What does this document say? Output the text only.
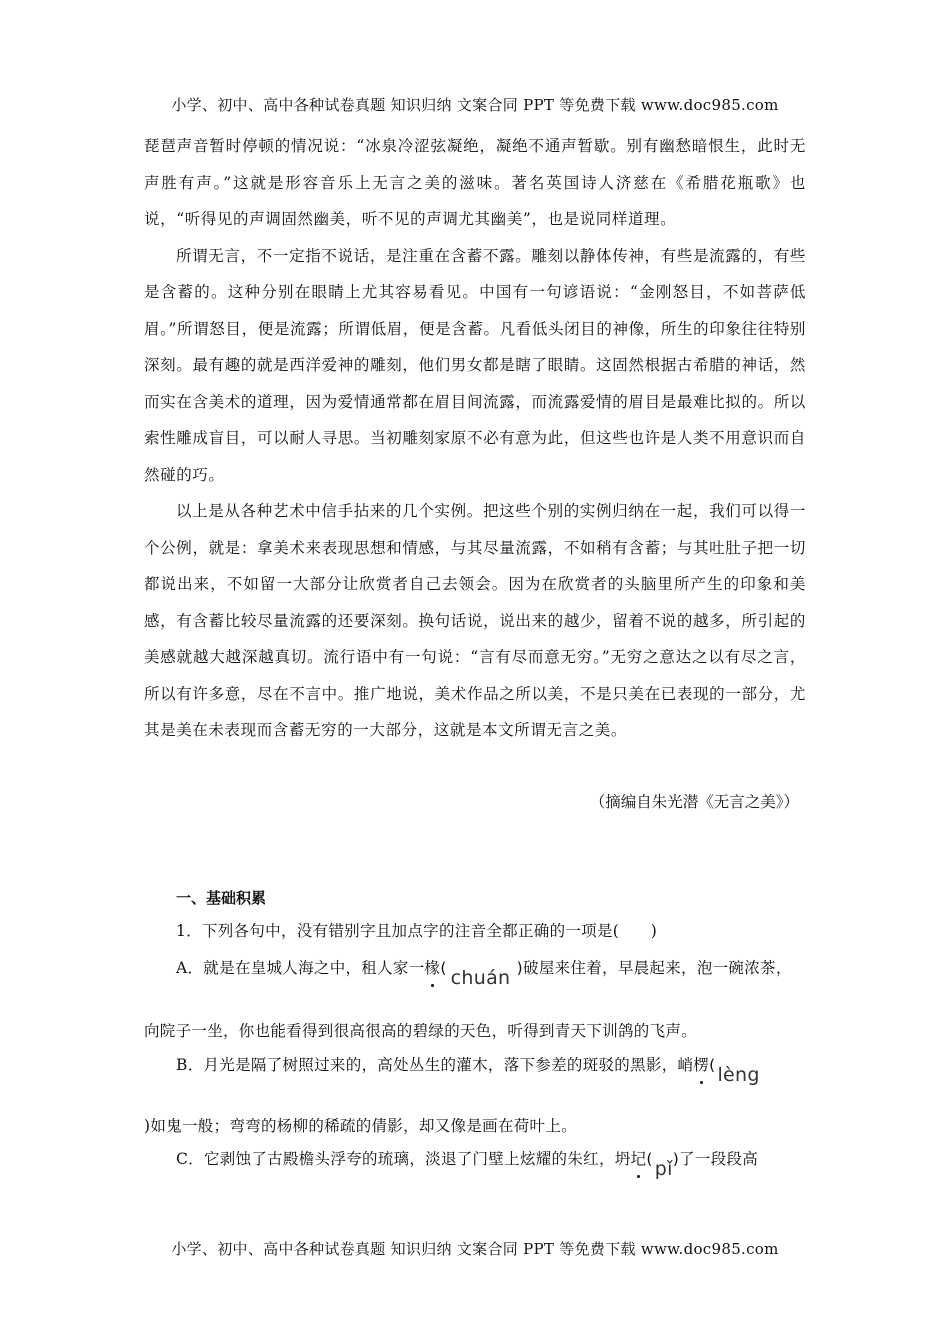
小学、初中、高中各种试卷真题 知识归纳 文案合同 PPT 等免费下载 www.doc985.com

琵琶声音暂时停顿的情况说：“冰泉冷涩弦凝绝，凝绝不通声暂歇。别有幽愁暗恨生，此时无声胜有声。”这就是形容音乐上无言之美的滋味。著名英国诗人济慈在《希腊花瓶歌》也说，“听得见的声调固然幽美，听不见的声调尤其幽美”，也是说同样道理。

所谓无言，不一定指不说话，是注重在含蓄不露。雕刻以静体传神，有些是流露的，有些是含蓄的。这种分别在眼睛上尤其容易看见。中国有一句谚语说：“金刚怒目，不如菩萨低眉。”所谓怒目，便是流露；所谓低眉，便是含蓄。凡看低头闭目的神像，所生的印象往往特别深刻。最有趣的就是西洋爱神的雕刻，他们男女都是瞎了眼睛。这固然根据古希腊的神话，然而实在含美术的道理，因为爱情通常都在眉目间流露，而流露爱情的眉目是最难比拟的。所以索性雕成盲目，可以耐人寻思。当初雕刻家原不必有意为此，但这些也许是人类不用意识而自然碰的巧。

以上是从各种艺术中信手拈来的几个实例。把这些个别的实例归纳在一起，我们可以得一个公例，就是：拿美术来表现思想和情感，与其尽量流露，不如稍有含蓄；与其吐肚子把一切都说出来，不如留一大部分让欣赏者自己去领会。因为在欣赏者的头脑里所产生的印象和美感，有含蓄比较尽量流露的还要深刻。换句话说，说出来的越少，留着不说的越多，所引起的美感就越大越深越真切。流行语中有一句说：“言有尽而意无穷。”无穷之意达之以有尽之言，所以有许多意，尽在不言中。推广地说，美术作品之所以美，不是只美在已表现的一部分，尤其是美在未表现而含蓄无穷的一大部分，这就是本文所谓无言之美。

（摘编自朱光潜《无言之美》）
一、基础积累
1．下列各句中，没有错别字且加点字的注音全都正确的一项是(　　)
A．就是在皇城人海之中，租人家一椽( chuán )破屋来住着，早晨起来，泡一碗浓茶，
向院子一坐，你也能看得到很高很高的碧绿的天色，听得到青天下训鸽的飞声。
B．月光是隔了树照过来的，高处丛生的灌木，落下参差的斑驳的黑影，峭楞( lèng
)如鬼一般；弯弯的杨柳的稀疏的倩影，却又像是画在荷叶上。
C．它剥蚀了古殿檐头浮夸的琉璃，淡退了门壁上炫耀的朱红，坍圮( pǐ )了一段段高
小学、初中、高中各种试卷真题 知识归纳 文案合同 PPT 等免费下载 www.doc985.com
